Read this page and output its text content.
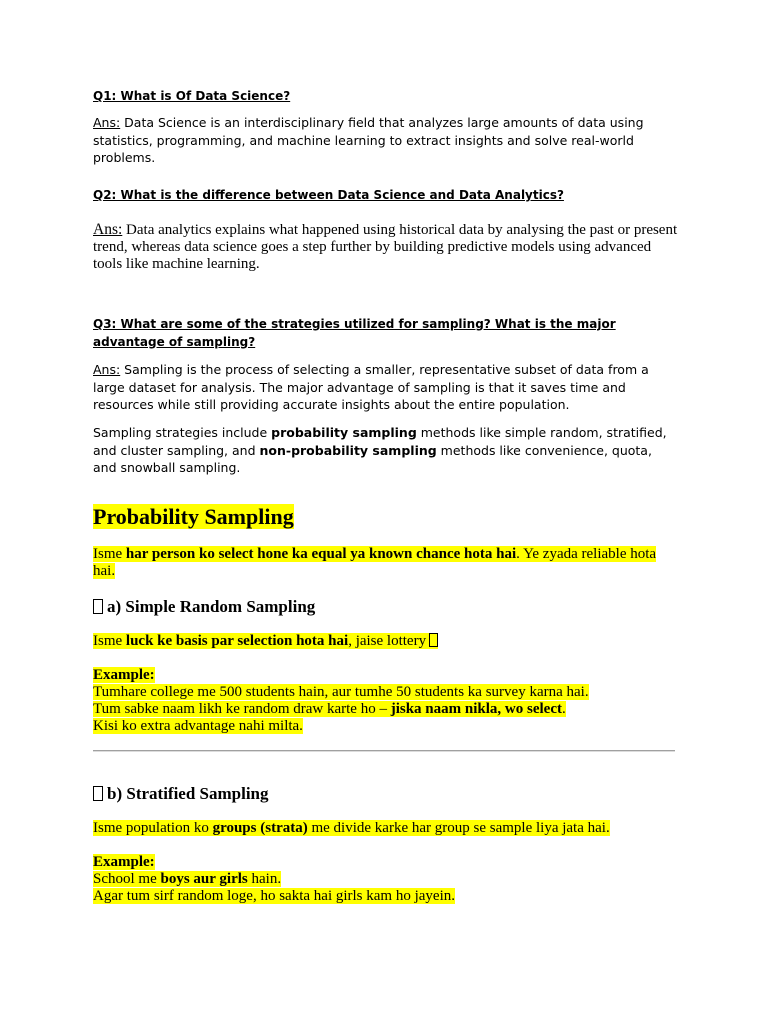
Q1: What is Of Data Science?

Ans: Data Science is an interdisciplinary field that analyzes large amounts of data using statistics, programming, and machine learning to extract insights and solve real-world problems.

Q2: What is the difference between Data Science and Data Analytics?

Ans: Data analytics explains what happened using historical data by analysing the past or present trend, whereas data science goes a step further by building predictive models using advanced tools like machine learning.

Q3: What are some of the strategies utilized for sampling? What is the major advantage of sampling?

Ans: Sampling is the process of selecting a smaller, representative subset of data from a large dataset for analysis. The major advantage of sampling is that it saves time and resources while still providing accurate insights about the entire population.

Sampling strategies include probability sampling methods like simple random, stratified, and cluster sampling, and non-probability sampling methods like convenience, quota, and snowball sampling.

Probability Sampling

Isme har person ko select hone ka equal ya known chance hota hai. Ye zyada reliable hota hai.

a) Simple Random Sampling

Isme luck ke basis par selection hota hai, jaise lottery

Example:
Tumhare college me 500 students hain, aur tumhe 50 students ka survey karna hai.
Tum sabke naam likh ke random draw karte ho – jiska naam nikla, wo select.
Kisi ko extra advantage nahi milta.

b) Stratified Sampling

Isme population ko groups (strata) me divide karke har group se sample liya jata hai.

Example:
School me boys aur girls hain.
Agar tum sirf random loge, ho sakta hai girls kam ho jayein.
